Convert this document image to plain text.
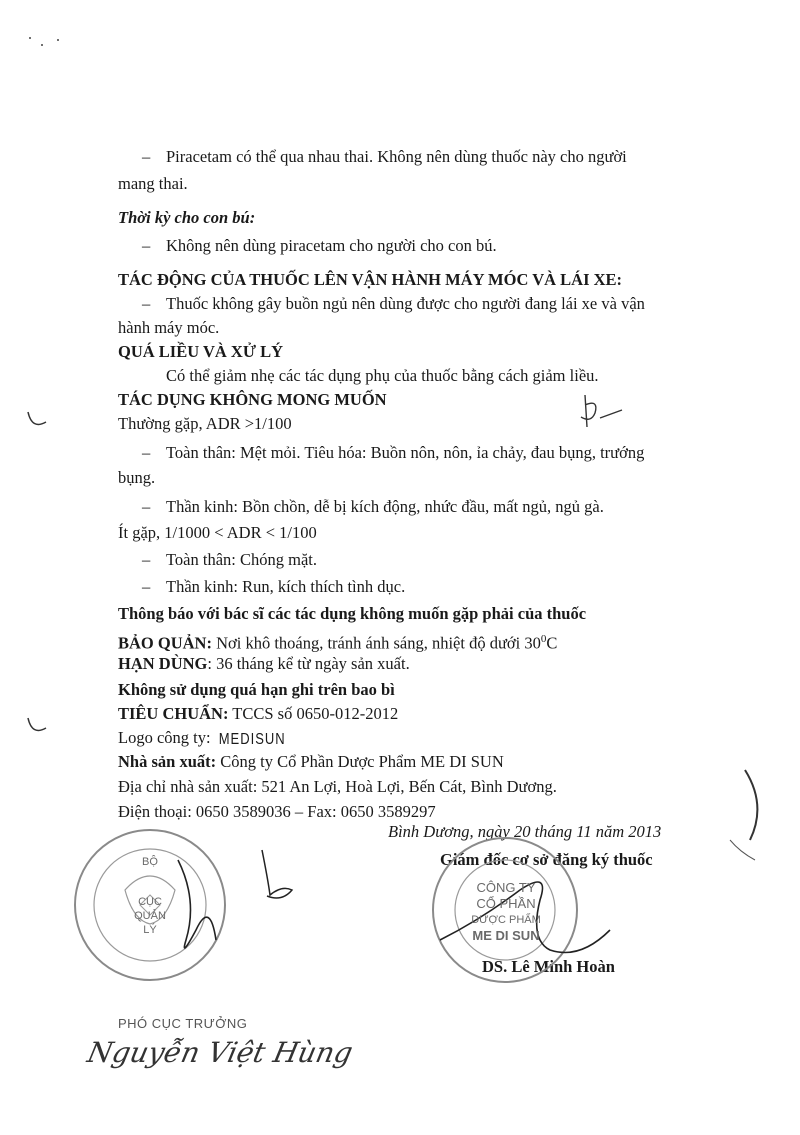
– Piracetam có thể qua nhau thai. Không nên dùng thuốc này cho người
mang thai.
Thời kỳ cho con bú:
– Không nên dùng piracetam cho người cho con bú.
TÁC ĐỘNG CỦA THUỐC LÊN VẬN HÀNH MÁY MÓC VÀ LÁI XE:
– Thuốc không gây buồn ngủ nên dùng được cho người đang lái xe và vận
hành máy móc.
QUÁ LIỀU VÀ XỬ LÝ
Có thể giảm nhẹ các tác dụng phụ của thuốc bằng cách giảm liều.
TÁC DỤNG KHÔNG MONG MUỐN
Thường gặp, ADR >1/100
– Toàn thân: Mệt mỏi. Tiêu hóa: Buồn nôn, nôn, ỉa chảy, đau bụng, trướng
bụng.
– Thần kinh: Bồn chồn, dễ bị kích động, nhức đầu, mất ngủ, ngủ gà.
Ít gặp, 1/1000 < ADR < 1/100
– Toàn thân: Chóng mặt.
– Thần kinh: Run, kích thích tình dục.
Thông báo với bác sĩ các tác dụng không muốn gặp phải của thuốc
BẢO QUẢN: Nơi khô thoáng, tránh ánh sáng, nhiệt độ dưới $30^0C$
HẠN DÙNG: 36 tháng kể từ ngày sản xuất.
Không sử dụng quá hạn ghi trên bao bì
TIÊU CHUẨN: TCCS số 0650-012-2012
Logo công ty: MEDISUN
Nhà sản xuất: Công ty Cổ Phần Dược Phẩm ME DI SUN
Địa chỉ nhà sản xuất: 521 An Lợi, Hoà Lợi, Bến Cát, Bình Dương.
Điện thoại: 0650 3589036 – Fax: 0650 3589297
Bình Dương, ngày 20 tháng 11 năm 2013
Giám đốc cơ sở đăng ký thuốc
DS. Lê Minh Hoàn
CÔNG TY
CỔ PHẦN
DƯỢC PHẨM
ME DI SUN
BỘ
CỤC
QUẢN
LÝ
PHÓ CỤC TRƯỞNG
Nguyễn Việt Hùng
